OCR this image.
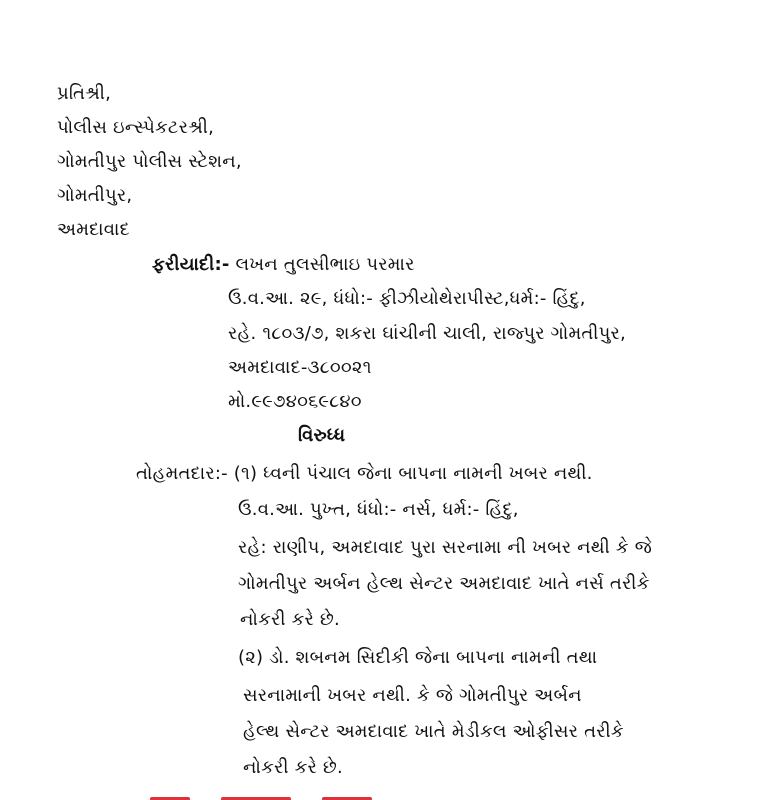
પ્રતિશ્રી,
પોલીસ ઇન્સ્પેકટરશ્રી,
ગોમતીપુર પોલીસ સ્ટેશન,
ગોમતીપુર,
અમદાવાદ
ફરીયાદી:- લખન તુલસીભાઇ પરમાર
ઉ.વ.આ. ૨૯, ધંધો:- ફીઝીયોથેરાપીસ્ટ,ધર્મ:- હિંદુ,
રહે. ૧૮૦૩/૭, શકરા ઘાંચીની ચાલી, રાજ્પુર ગોમતીપુર,
અમદાવાદ-૩૮૦૦૨૧
મો.૯૯૭૪૦૬૯૮૪૦
વિરુધ્ધ
તોહમતદાર:- (૧) ધ્વની પંચાલ જેના બાપના નામની ખબર નથી.
ઉ.વ.આ. પુખ્ત, ધંધો:- નર્સ, ધર્મ:- હિંદુ,
રહે: રાણીપ, અમદાવાદ પુરા સરનામા ની ખબર નથી કે જે
ગોમતીપુર અર્બન હેલ્થ સેન્ટર અમદાવાદ ખાતે નર્સ તરીકે
નોકરી કરે છે.
(૨) ડો. શબનમ સિદીકી જેના બાપના નામની તથા
સરનામાની ખબર નથી. કે જે ગોમતીપુર અર્બન
હેલ્થ સેન્ટર અમદાવાદ ખાતે મેડીકલ ઓફીસર તરીકે
નોકરી કરે છે.
